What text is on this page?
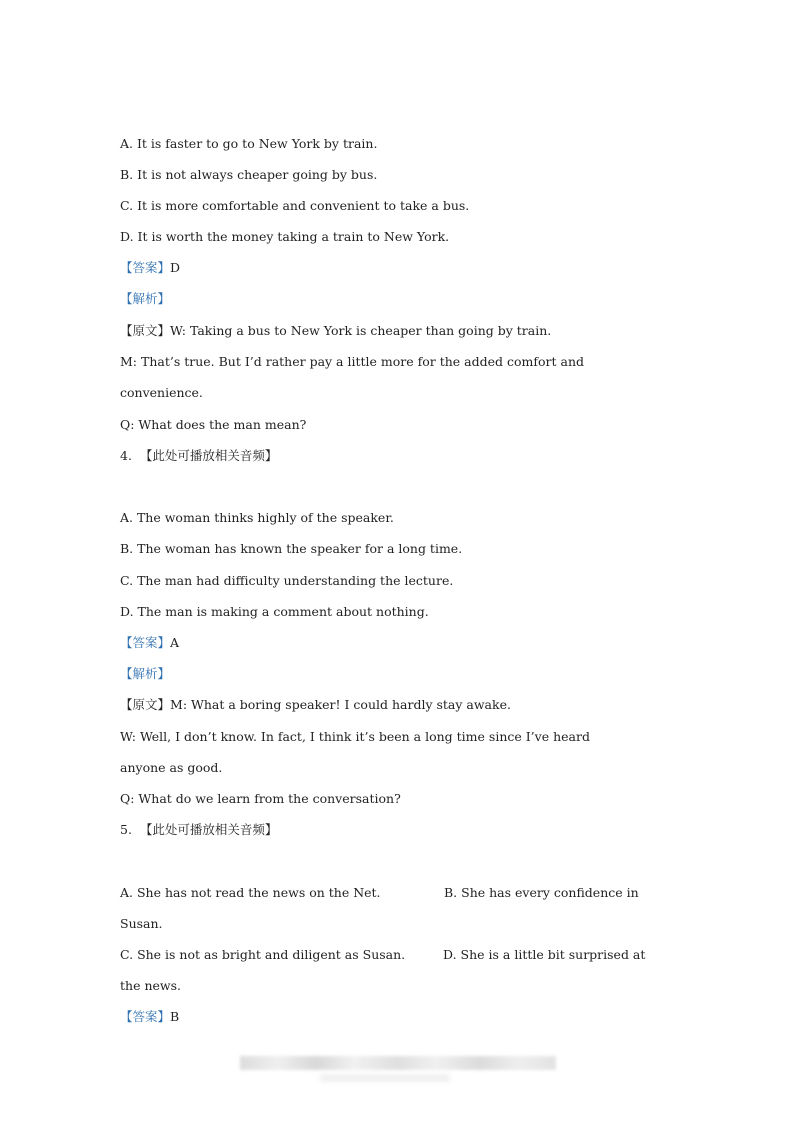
A. It is faster to go to New York by train.
B. It is not always cheaper going by bus.
C. It is more comfortable and convenient to take a bus.
D. It is worth the money taking a train to New York.
【答案】D
【解析】
【原文】W: Taking a bus to New York is cheaper than going by train.
M: That’s true. But I’d rather pay a little more for the added comfort and
convenience.
Q: What does the man mean?
4. 【此处可播放相关音频】
A. The woman thinks highly of the speaker.
B. The woman has known the speaker for a long time.
C. The man had difficulty understanding the lecture.
D. The man is making a comment about nothing.
【答案】A
【解析】
【原文】M: What a boring speaker! I could hardly stay awake.
W: Well, I don’t know. In fact, I think it’s been a long time since I’ve heard
anyone as good.
Q: What do we learn from the conversation?
5. 【此处可播放相关音频】
A. She has not read the news on the Net.	B. She has every confidence in
Susan.
C. She is not as bright and diligent as Susan.	D. She is a little bit surprised at
the news.
【答案】B
